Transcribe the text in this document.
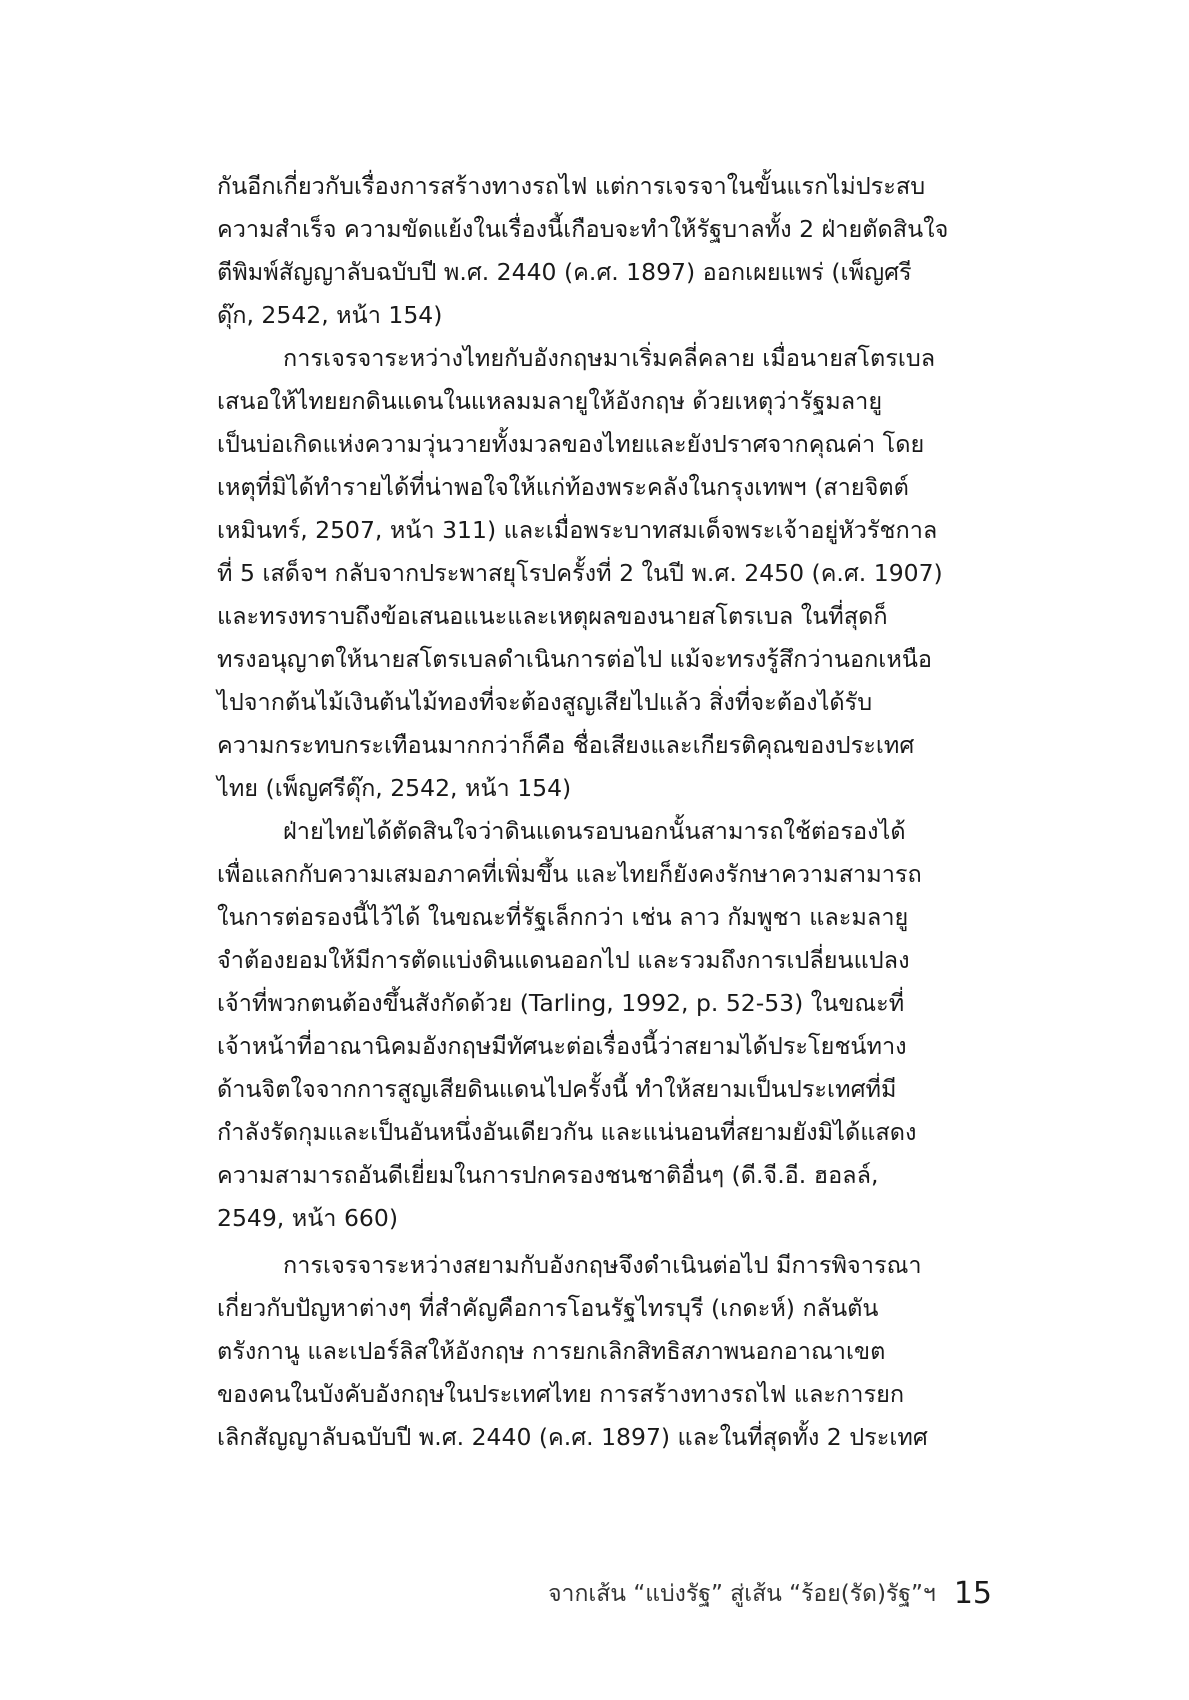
กันอีกเกี่ยวกับเรื่องการสร้างทางรถไฟ แต่การเจรจาในขั้นแรกไม่ประสบ
ความสำเร็จ ความขัดแย้งในเรื่องนี้เกือบจะทำให้รัฐบาลทั้ง 2 ฝ่ายตัดสินใจ
ตีพิมพ์สัญญาลับฉบับปี พ.ศ. 2440 (ค.ศ. 1897) ออกเผยแพร่ (เพ็ญศรี
ดุ๊ก, 2542, หน้า 154)
การเจรจาระหว่างไทยกับอังกฤษมาเริ่มคลี่คลาย เมื่อนายสโตรเบล
เสนอให้ไทยยกดินแดนในแหลมมลายูให้อังกฤษ ด้วยเหตุว่ารัฐมลายู
เป็นบ่อเกิดแห่งความวุ่นวายทั้งมวลของไทยและยังปราศจากคุณค่า โดย
เหตุที่มิได้ทำรายได้ที่น่าพอใจให้แก่ท้องพระคลังในกรุงเทพฯ (สายจิตต์
เหมินทร์, 2507, หน้า 311) และเมื่อพระบาทสมเด็จพระเจ้าอยู่หัวรัชกาล
ที่ 5 เสด็จฯ กลับจากประพาสยุโรปครั้งที่ 2 ในปี พ.ศ. 2450 (ค.ศ. 1907)
และทรงทราบถึงข้อเสนอแนะและเหตุผลของนายสโตรเบล ในที่สุดก็
ทรงอนุญาตให้นายสโตรเบลดำเนินการต่อไป แม้จะทรงรู้สึกว่านอกเหนือ
ไปจากต้นไม้เงินต้นไม้ทองที่จะต้องสูญเสียไปแล้ว สิ่งที่จะต้องได้รับ
ความกระทบกระเทือนมากกว่าก็คือ ชื่อเสียงและเกียรติคุณของประเทศ
ไทย (เพ็ญศรีดุ๊ก, 2542, หน้า 154)
ฝ่ายไทยได้ตัดสินใจว่าดินแดนรอบนอกนั้นสามารถใช้ต่อรองได้
เพื่อแลกกับความเสมอภาคที่เพิ่มขึ้น และไทยก็ยังคงรักษาความสามารถ
ในการต่อรองนี้ไว้ได้ ในขณะที่รัฐเล็กกว่า เช่น ลาว กัมพูชา และมลายู
จำต้องยอมให้มีการตัดแบ่งดินแดนออกไป และรวมถึงการเปลี่ยนแปลง
เจ้าที่พวกตนต้องขึ้นสังกัดด้วย (Tarling, 1992, p. 52-53) ในขณะที่
เจ้าหน้าที่อาณานิคมอังกฤษมีทัศนะต่อเรื่องนี้ว่าสยามได้ประโยชน์ทาง
ด้านจิตใจจากการสูญเสียดินแดนไปครั้งนี้ ทำให้สยามเป็นประเทศที่มี
กำลังรัดกุมและเป็นอันหนึ่งอันเดียวกัน และแน่นอนที่สยามยังมิได้แสดง
ความสามารถอันดีเยี่ยมในการปกครองชนชาติอื่นๆ (ดี.จี.อี. ฮอลล์,
2549, หน้า 660)
การเจรจาระหว่างสยามกับอังกฤษจึงดำเนินต่อไป มีการพิจารณา
เกี่ยวกับปัญหาต่างๆ ที่สำคัญคือการโอนรัฐไทรบุรี (เกดะห์) กลันตัน
ตรังกานู และเปอร์ลิสให้อังกฤษ การยกเลิกสิทธิสภาพนอกอาณาเขต
ของคนในบังคับอังกฤษในประเทศไทย การสร้างทางรถไฟ และการยก
เลิกสัญญาลับฉบับปี พ.ศ. 2440 (ค.ศ. 1897) และในที่สุดทั้ง 2 ประเทศ
จากเส้น “แบ่งรัฐ” สู่เส้น “ร้อย(รัด)รัฐ”ฯ 15
